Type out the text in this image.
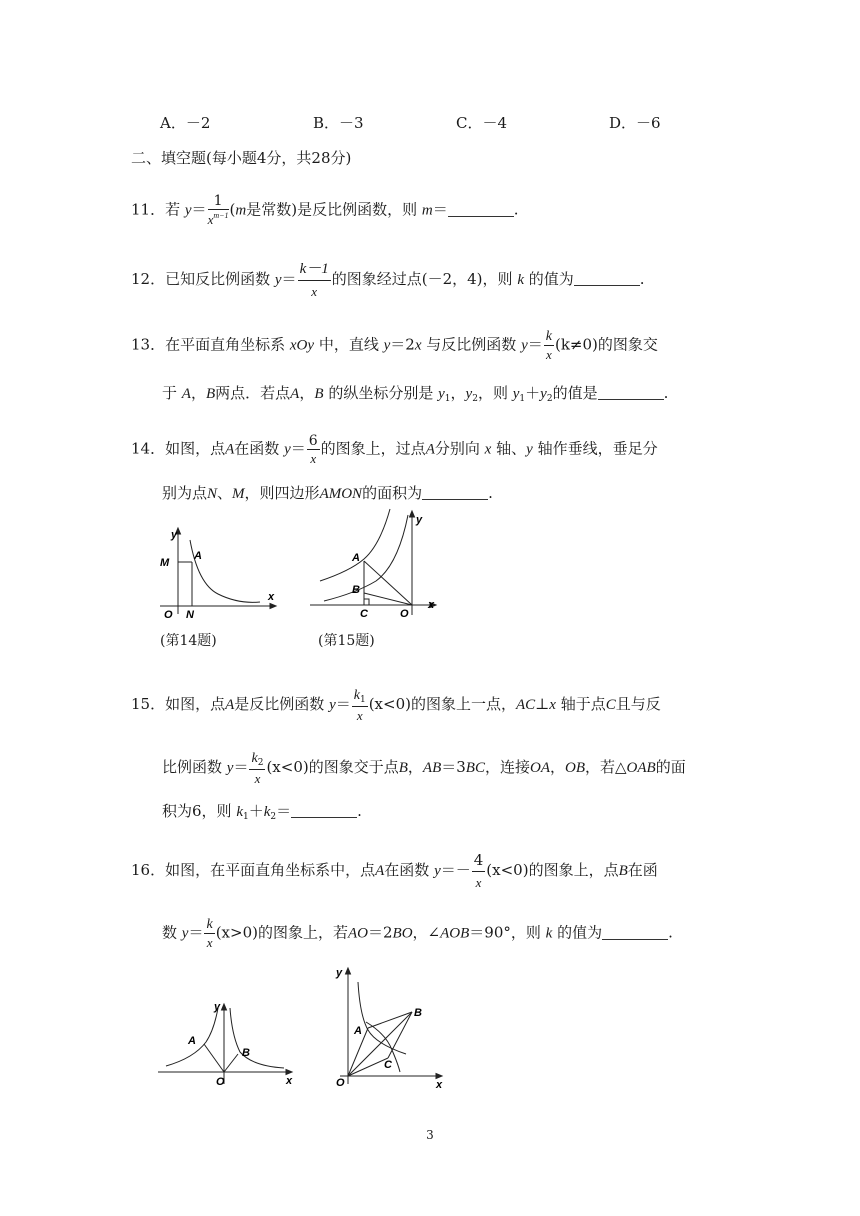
A．－2	B．－3	C．－4	D．－6
二、填空题(每小题4分，共28分)
11．若 $y= \frac{1}{x^{m-1}} (m$是常数)是反比例函数，则 m＝	.
12．已知反比例函数 $y= \frac{k-1}{x}$ 的图象经过点(－2，4)，则 k 的值为	.
13．在平面直角坐标系 xOy 中，直线 y＝2x 与反比例函数 $y= \frac{k}{x} (k\ne 0)$的图象交
于 A，B两点．若点A，B 的纵坐标分别是 $y_1$，$y_2$，则 $y_1+y_2$的值是	.
14．如图，点A在函数 $y= \frac{6}{x}$ 的图象上，过点A分别向 x 轴、y 轴作垂线，垂足分
别为点N、M，则四边形AMON的面积为	.
y
M
A
O N
x
(第14题)
y
A
B
C	O
x
(第15题)
15．如图，点A是反比例函数 $y= \frac{k_1}{x} (x<0)$的图象上一点，AC⊥x 轴于点C且与反
比例函数 $y= \frac{k_2}{x} (x<0)$的图象交于点B，AB＝3BC，连接OA，OB，若△OAB的面
积为6，则 $k_1+k_2=$	.
16．如图，在平面直角坐标系中，点A在函数 $y=- \frac{4}{x} (x<0)$的图象上，点B在函
数 $y= \frac{k}{x} (x>0)$的图象上，若AO＝2BO，∠AOB＝90°，则 k 的值为	.
y
A
B
O	x
y
A
B
C
O	x
3
